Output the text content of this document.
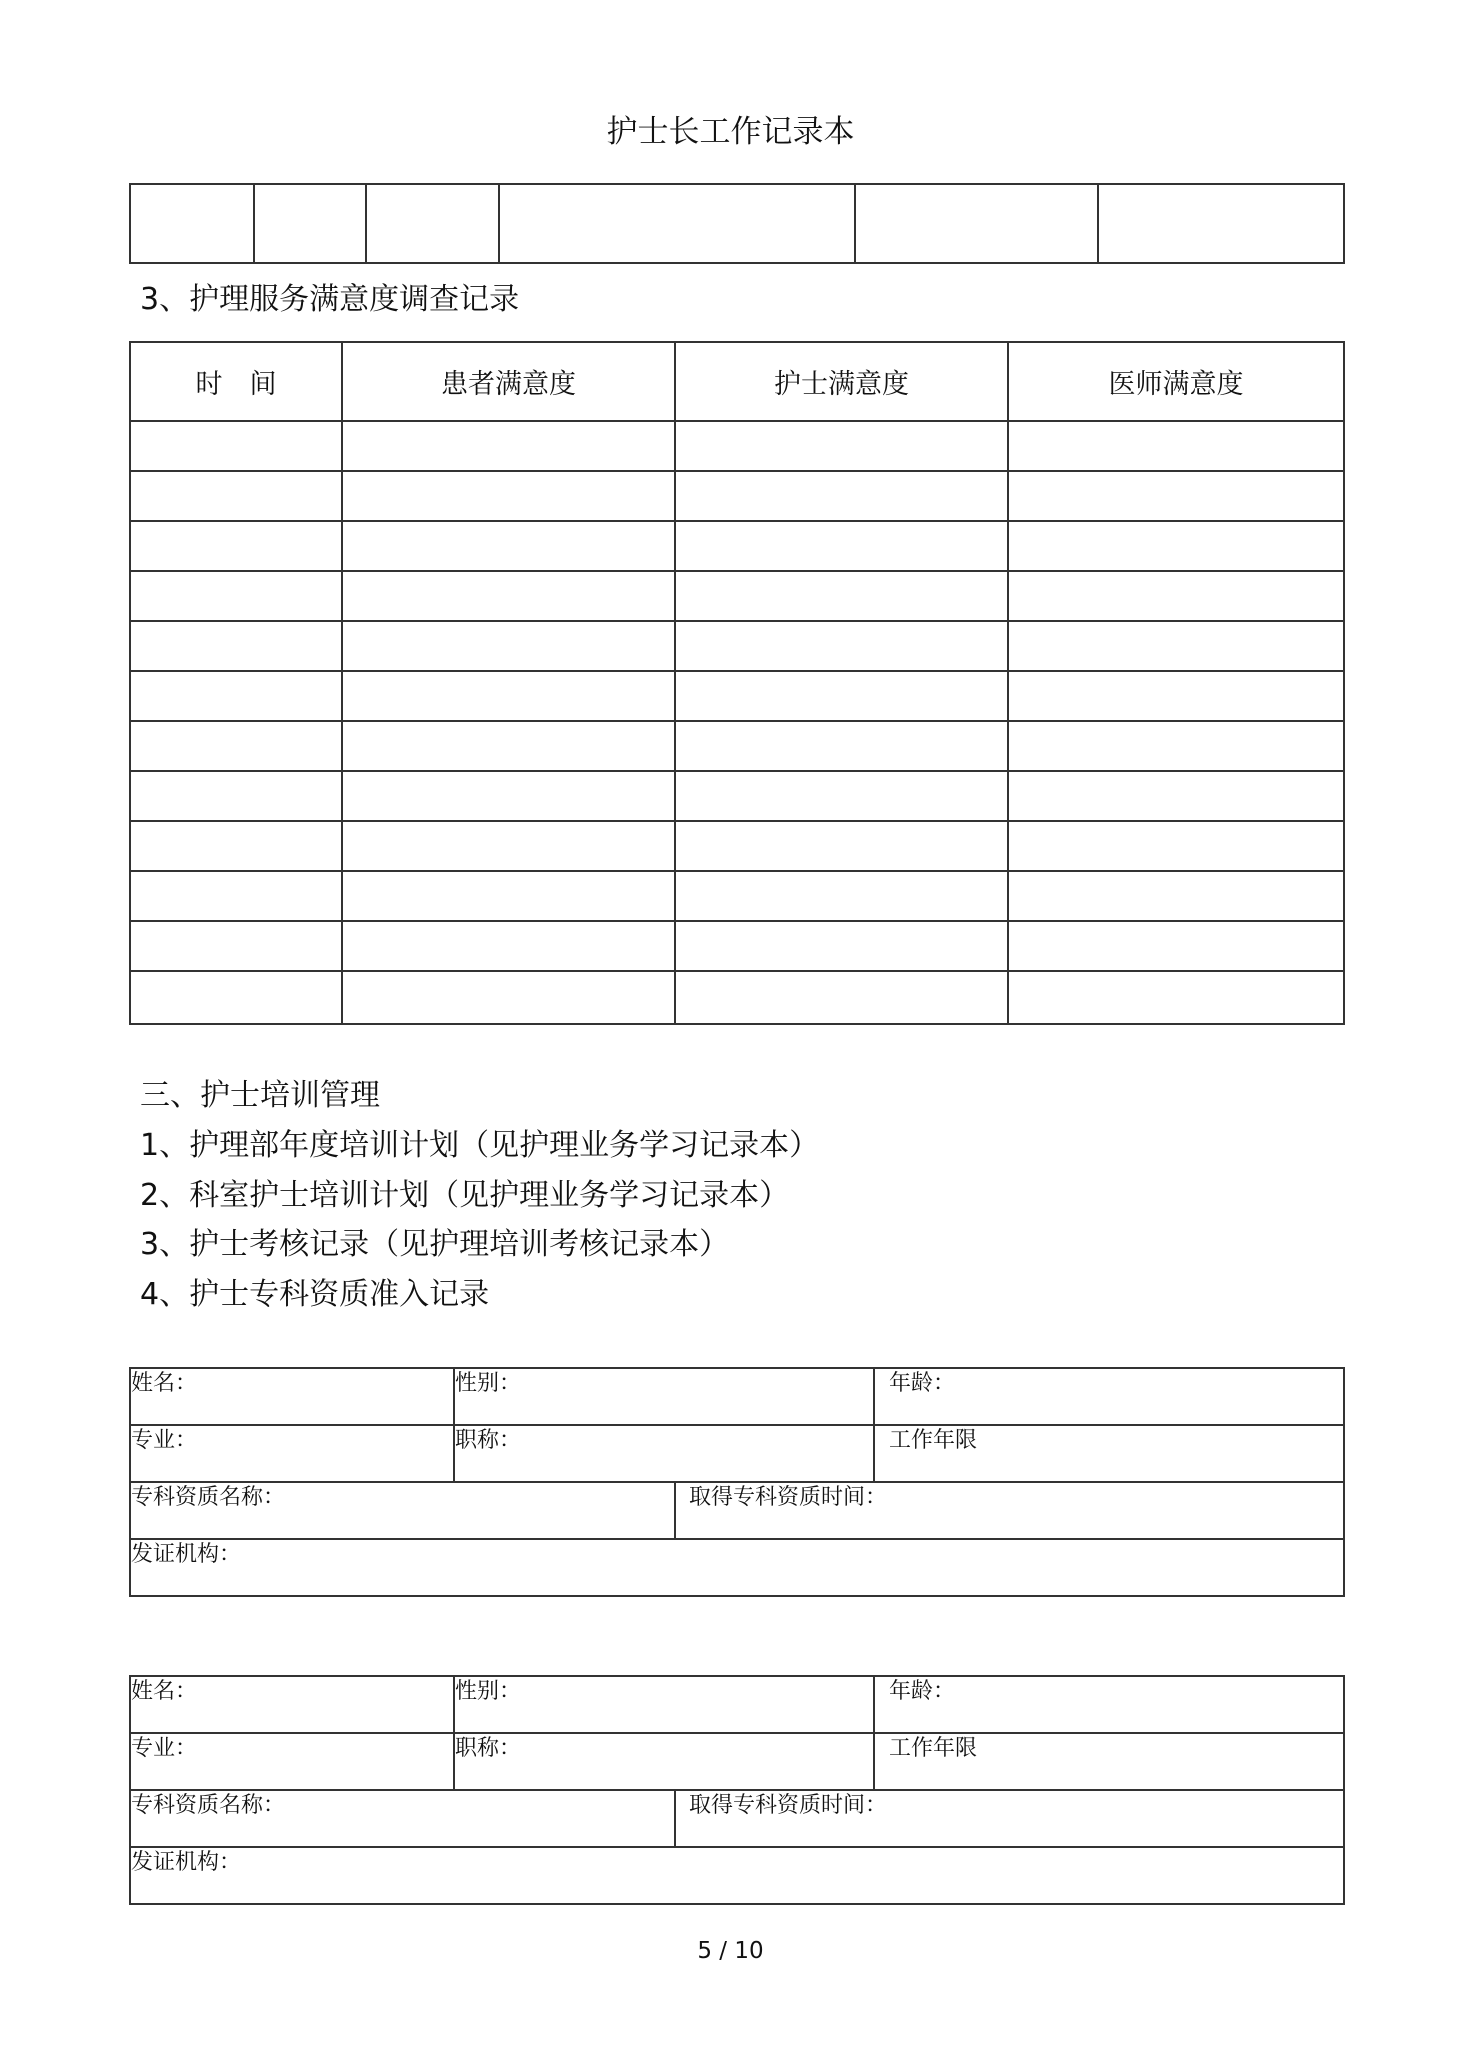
护士长工作记录本

3、护理服务满意度调查记录
时　间	患者满意度	护士满意度	医师满意度

三、护士培训管理
1、护理部年度培训计划（见护理业务学习记录本）
2、科室护士培训计划（见护理业务学习记录本）
3、护士考核记录（见护理培训考核记录本）
4、护士专科资质准入记录
姓名：	性别：		年龄：
专业：	职称：		工作年限
专科资质名称：		取得专科资质时间：	
发证机构：			
姓名：	性别：		年龄：
专业：	职称：		工作年限
专科资质名称：		取得专科资质时间：	
发证机构：			
5 / 10
